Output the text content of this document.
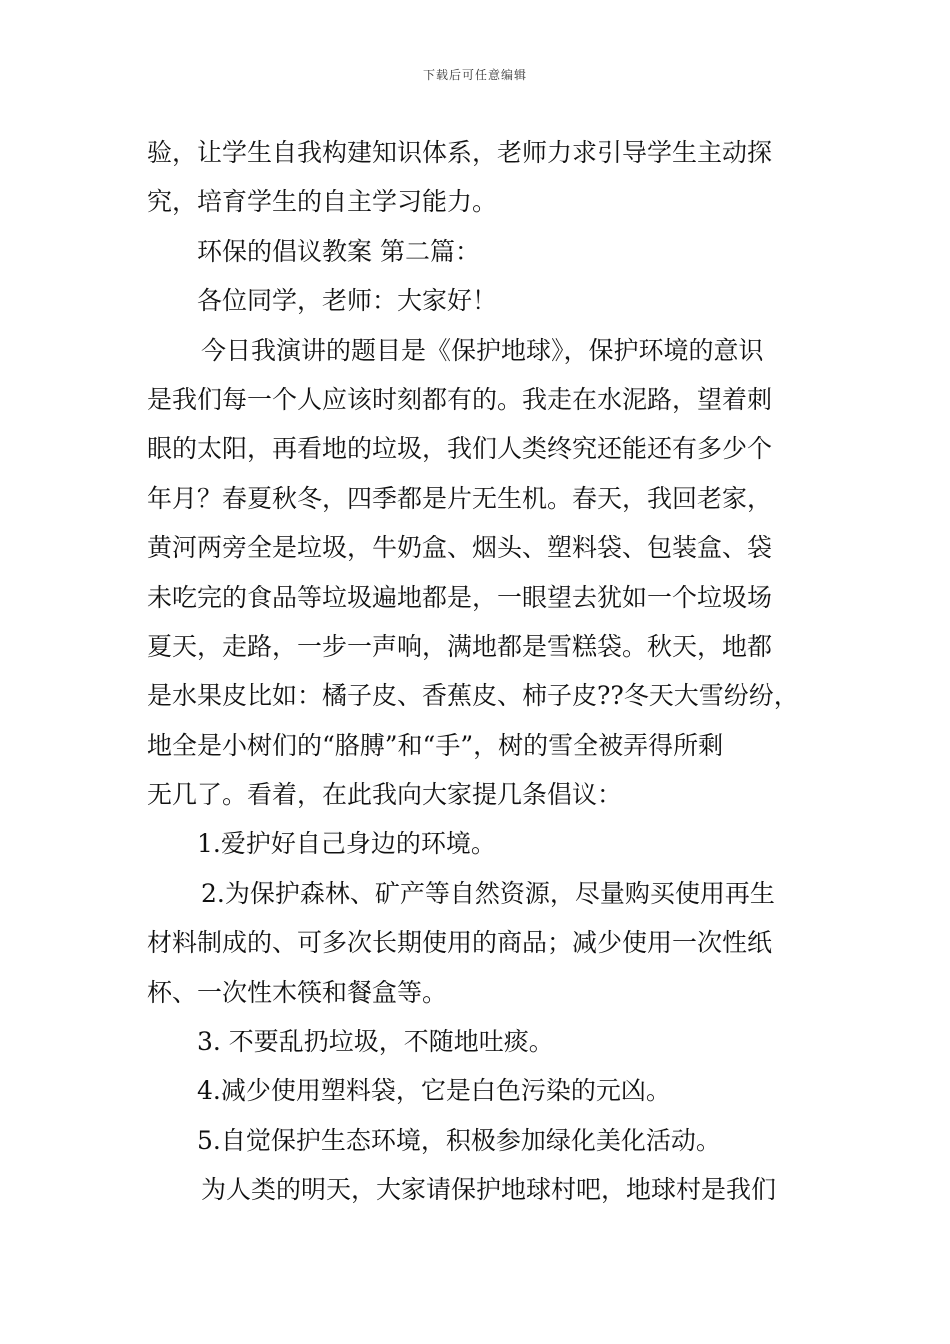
下载后可任意编辑
验，让学生自我构建知识体系，老师力求引导学生主动探
究，培育学生的自主学习能力。
环保的倡议教案 第二篇：
各位同学，老师：大家好！
今日我演讲的题目是《保护地球》，保护环境的意识
是我们每一个人应该时刻都有的。我走在水泥路，望着刺
眼的太阳，再看地的垃圾，我们人类终究还能还有多少个
年月？春夏秋冬，四季都是片无生机。春天，我回老家，
黄河两旁全是垃圾，牛奶盒、烟头、塑料袋、包装盒、袋
未吃完的食品等垃圾遍地都是，一眼望去犹如一个垃圾场
夏天，走路，一步一声响，满地都是雪糕袋。秋天，地都
是水果皮比如：橘子皮、香蕉皮、柿子皮??冬天大雪纷纷，
地全是小树们的“胳膊”和“手”，树的雪全被弄得所剩
无几了。看着，在此我向大家提几条倡议：
1.爱护好自己身边的环境。
2.为保护森林、矿产等自然资源，尽量购买使用再生
材料制成的、可多次长期使用的商品；减少使用一次性纸
杯、一次性木筷和餐盒等。
3. 不要乱扔垃圾，不随地吐痰。
4.减少使用塑料袋，它是白色污染的元凶。
5.自觉保护生态环境，积极参加绿化美化活动。
为人类的明天，大家请保护地球村吧，地球村是我们
